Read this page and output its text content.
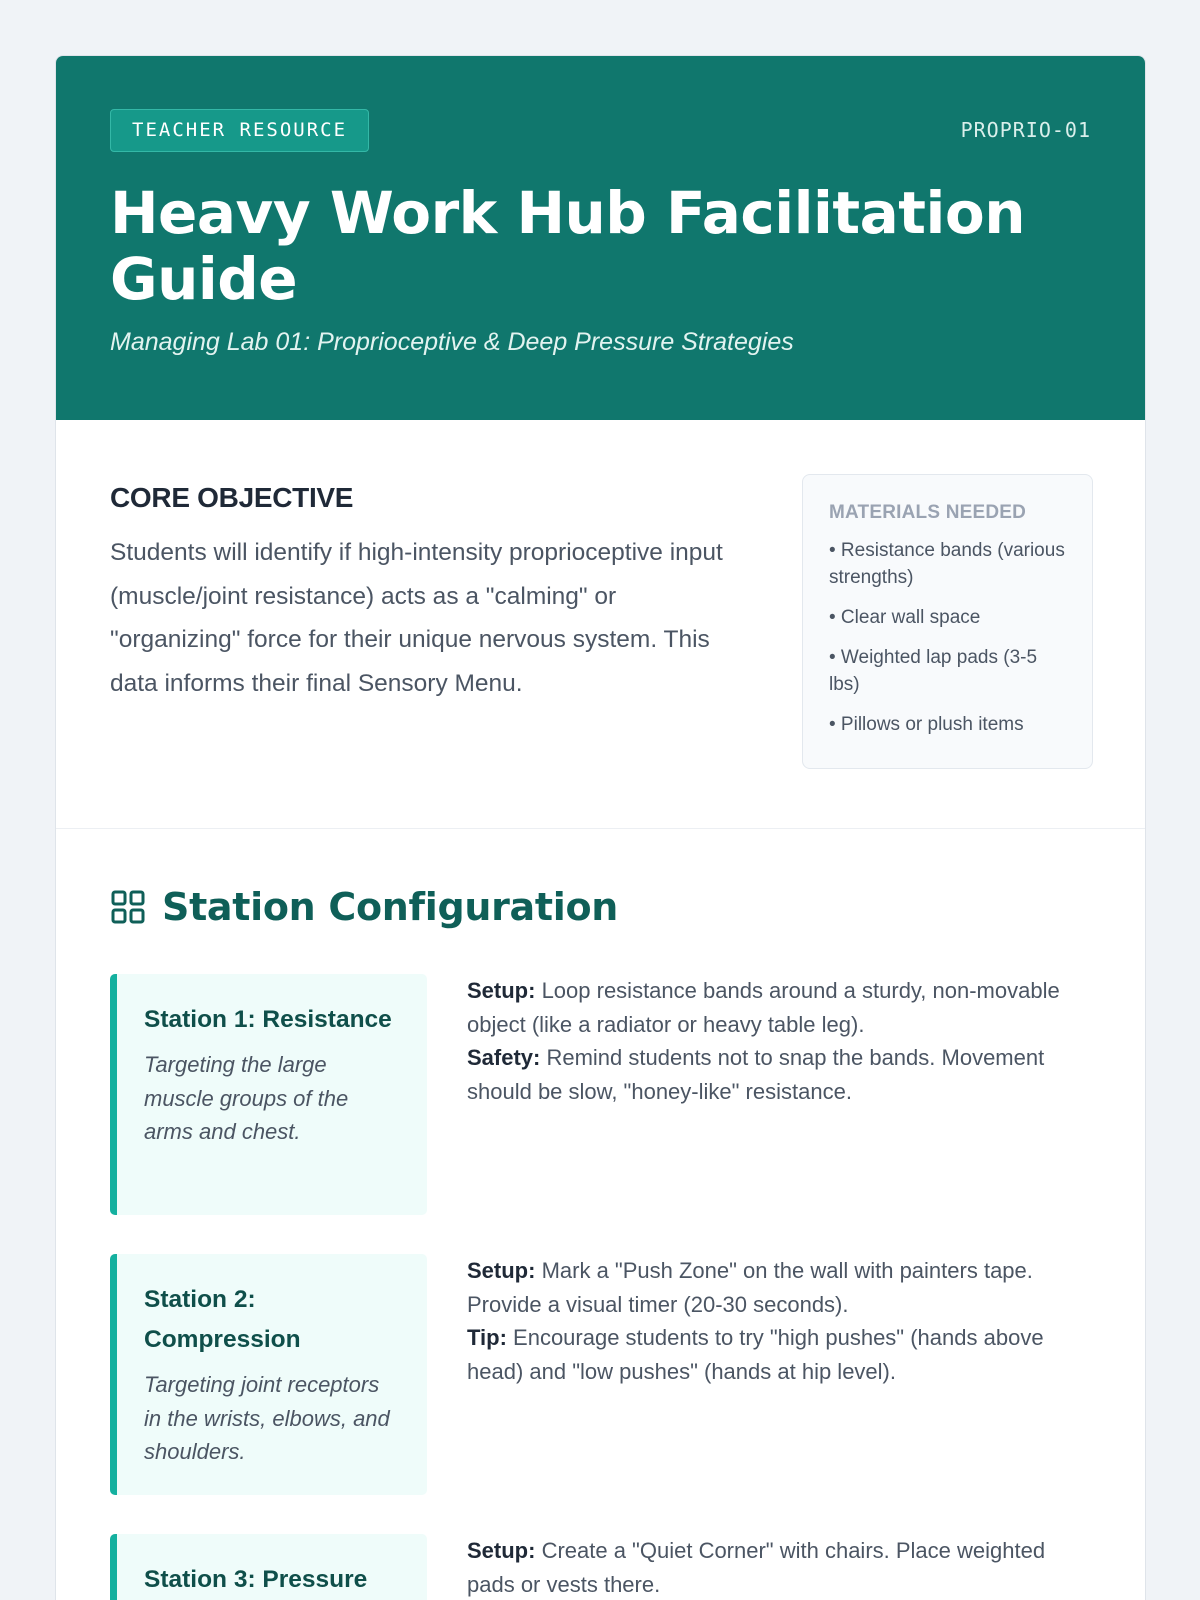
TEACHER RESOURCE	PROPRIO-01
Heavy Work Hub Facilitation Guide
Managing Lab 01: Proprioceptive & Deep Pressure Strategies
CORE OBJECTIVE

Students will identify if high-intensity proprioceptive input (muscle/joint resistance) acts as a "calming" or "organizing" force for their unique nervous system. This data informs their final Sensory Menu.

MATERIALS NEEDED
• Resistance bands (various strengths)
• Clear wall space
• Weighted lap pads (3-5 lbs)
• Pillows or plush items
Station Configuration
Station 1: Resistance
Targeting the large muscle groups of the arms and chest.
Setup: Loop resistance bands around a sturdy, non-movable object (like a radiator or heavy table leg).
Safety: Remind students not to snap the bands. Movement should be slow, "honey-like" resistance.
Station 2: Compression
Targeting joint receptors in the wrists, elbows, and shoulders.
Setup: Mark a "Push Zone" on the wall with painters tape. Provide a visual timer (20-30 seconds).
Tip: Encourage students to try "high pushes" (hands above head) and "low pushes" (hands at hip level).
Station 3: Pressure
Setup: Create a "Quiet Corner" with chairs. Place weighted pads or vests there.
